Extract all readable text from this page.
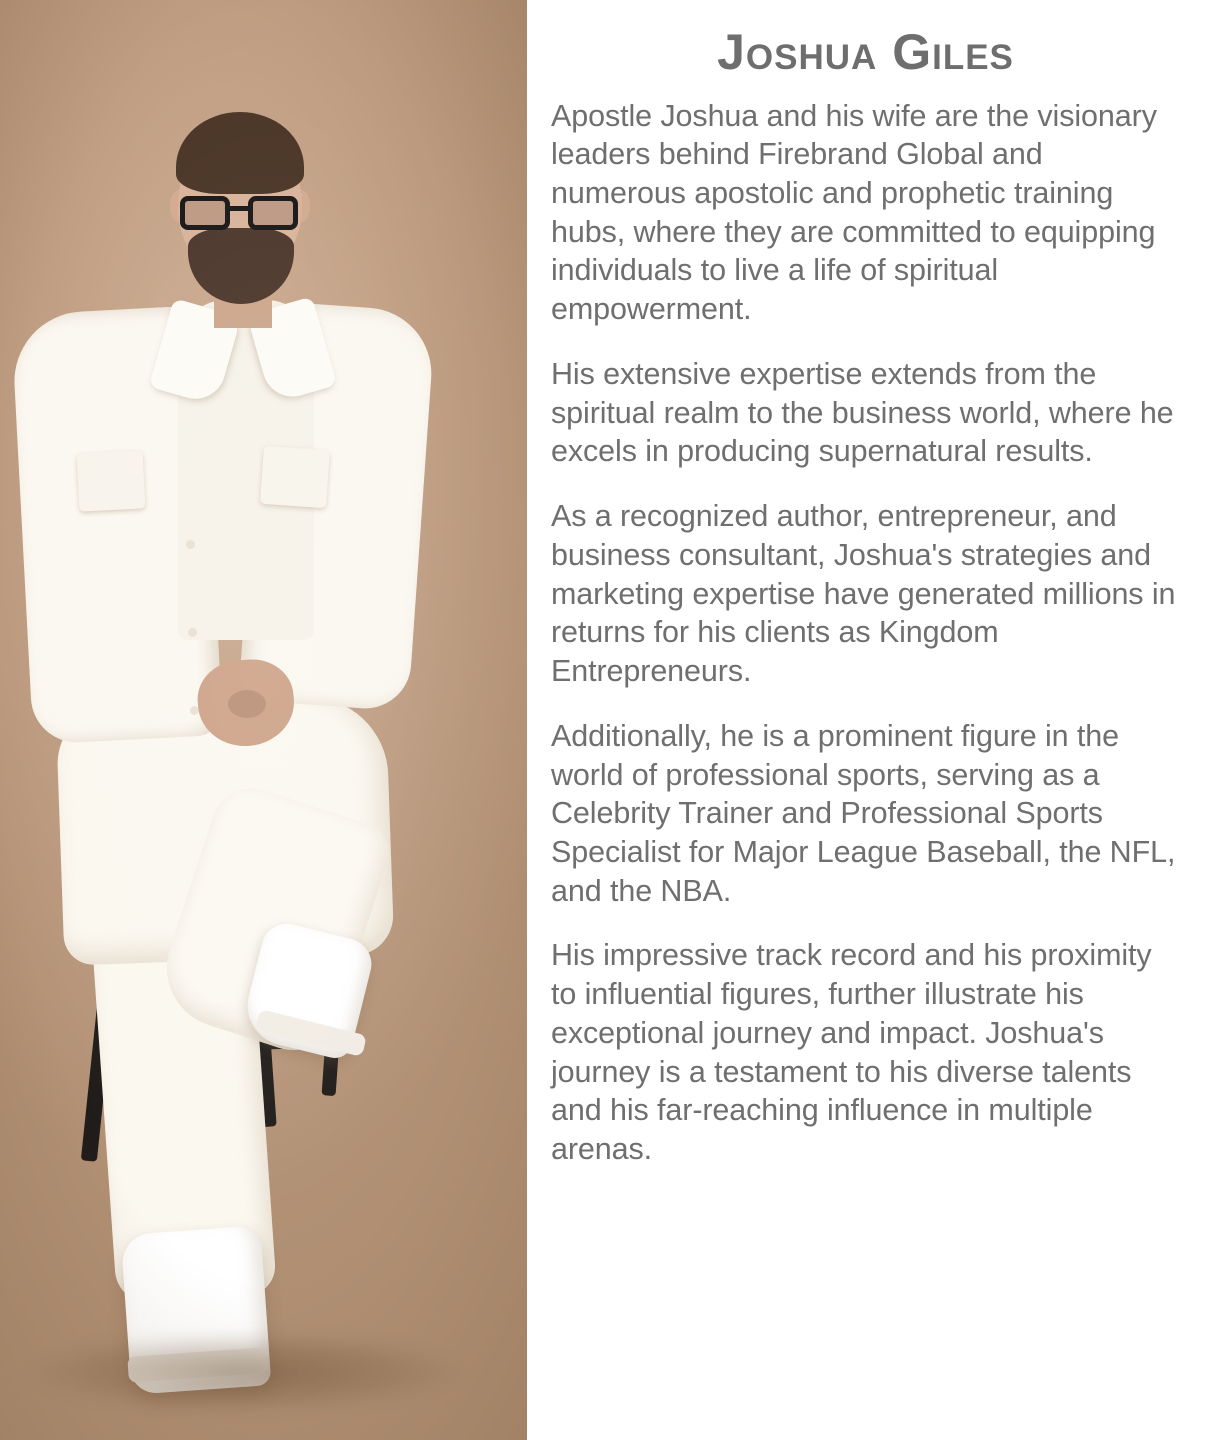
Joshua Giles

Apostle Joshua and his wife are the visionary leaders behind Firebrand Global and numerous apostolic and prophetic training hubs, where they are committed to equipping individuals to live a life of spiritual empowerment.

His extensive expertise extends from the spiritual realm to the business world, where he excels in producing supernatural results.

As a recognized author, entrepreneur, and business consultant, Joshua's strategies and marketing expertise have generated millions in returns for his clients as Kingdom Entrepreneurs.

Additionally, he is a prominent figure in the world of professional sports, serving as a Celebrity Trainer and Professional Sports Specialist for Major League Baseball, the NFL, and the NBA.

His impressive track record and his proximity to influential figures, further illustrate his exceptional journey and impact. Joshua's journey is a testament to his diverse talents and his far-reaching influence in multiple arenas.
